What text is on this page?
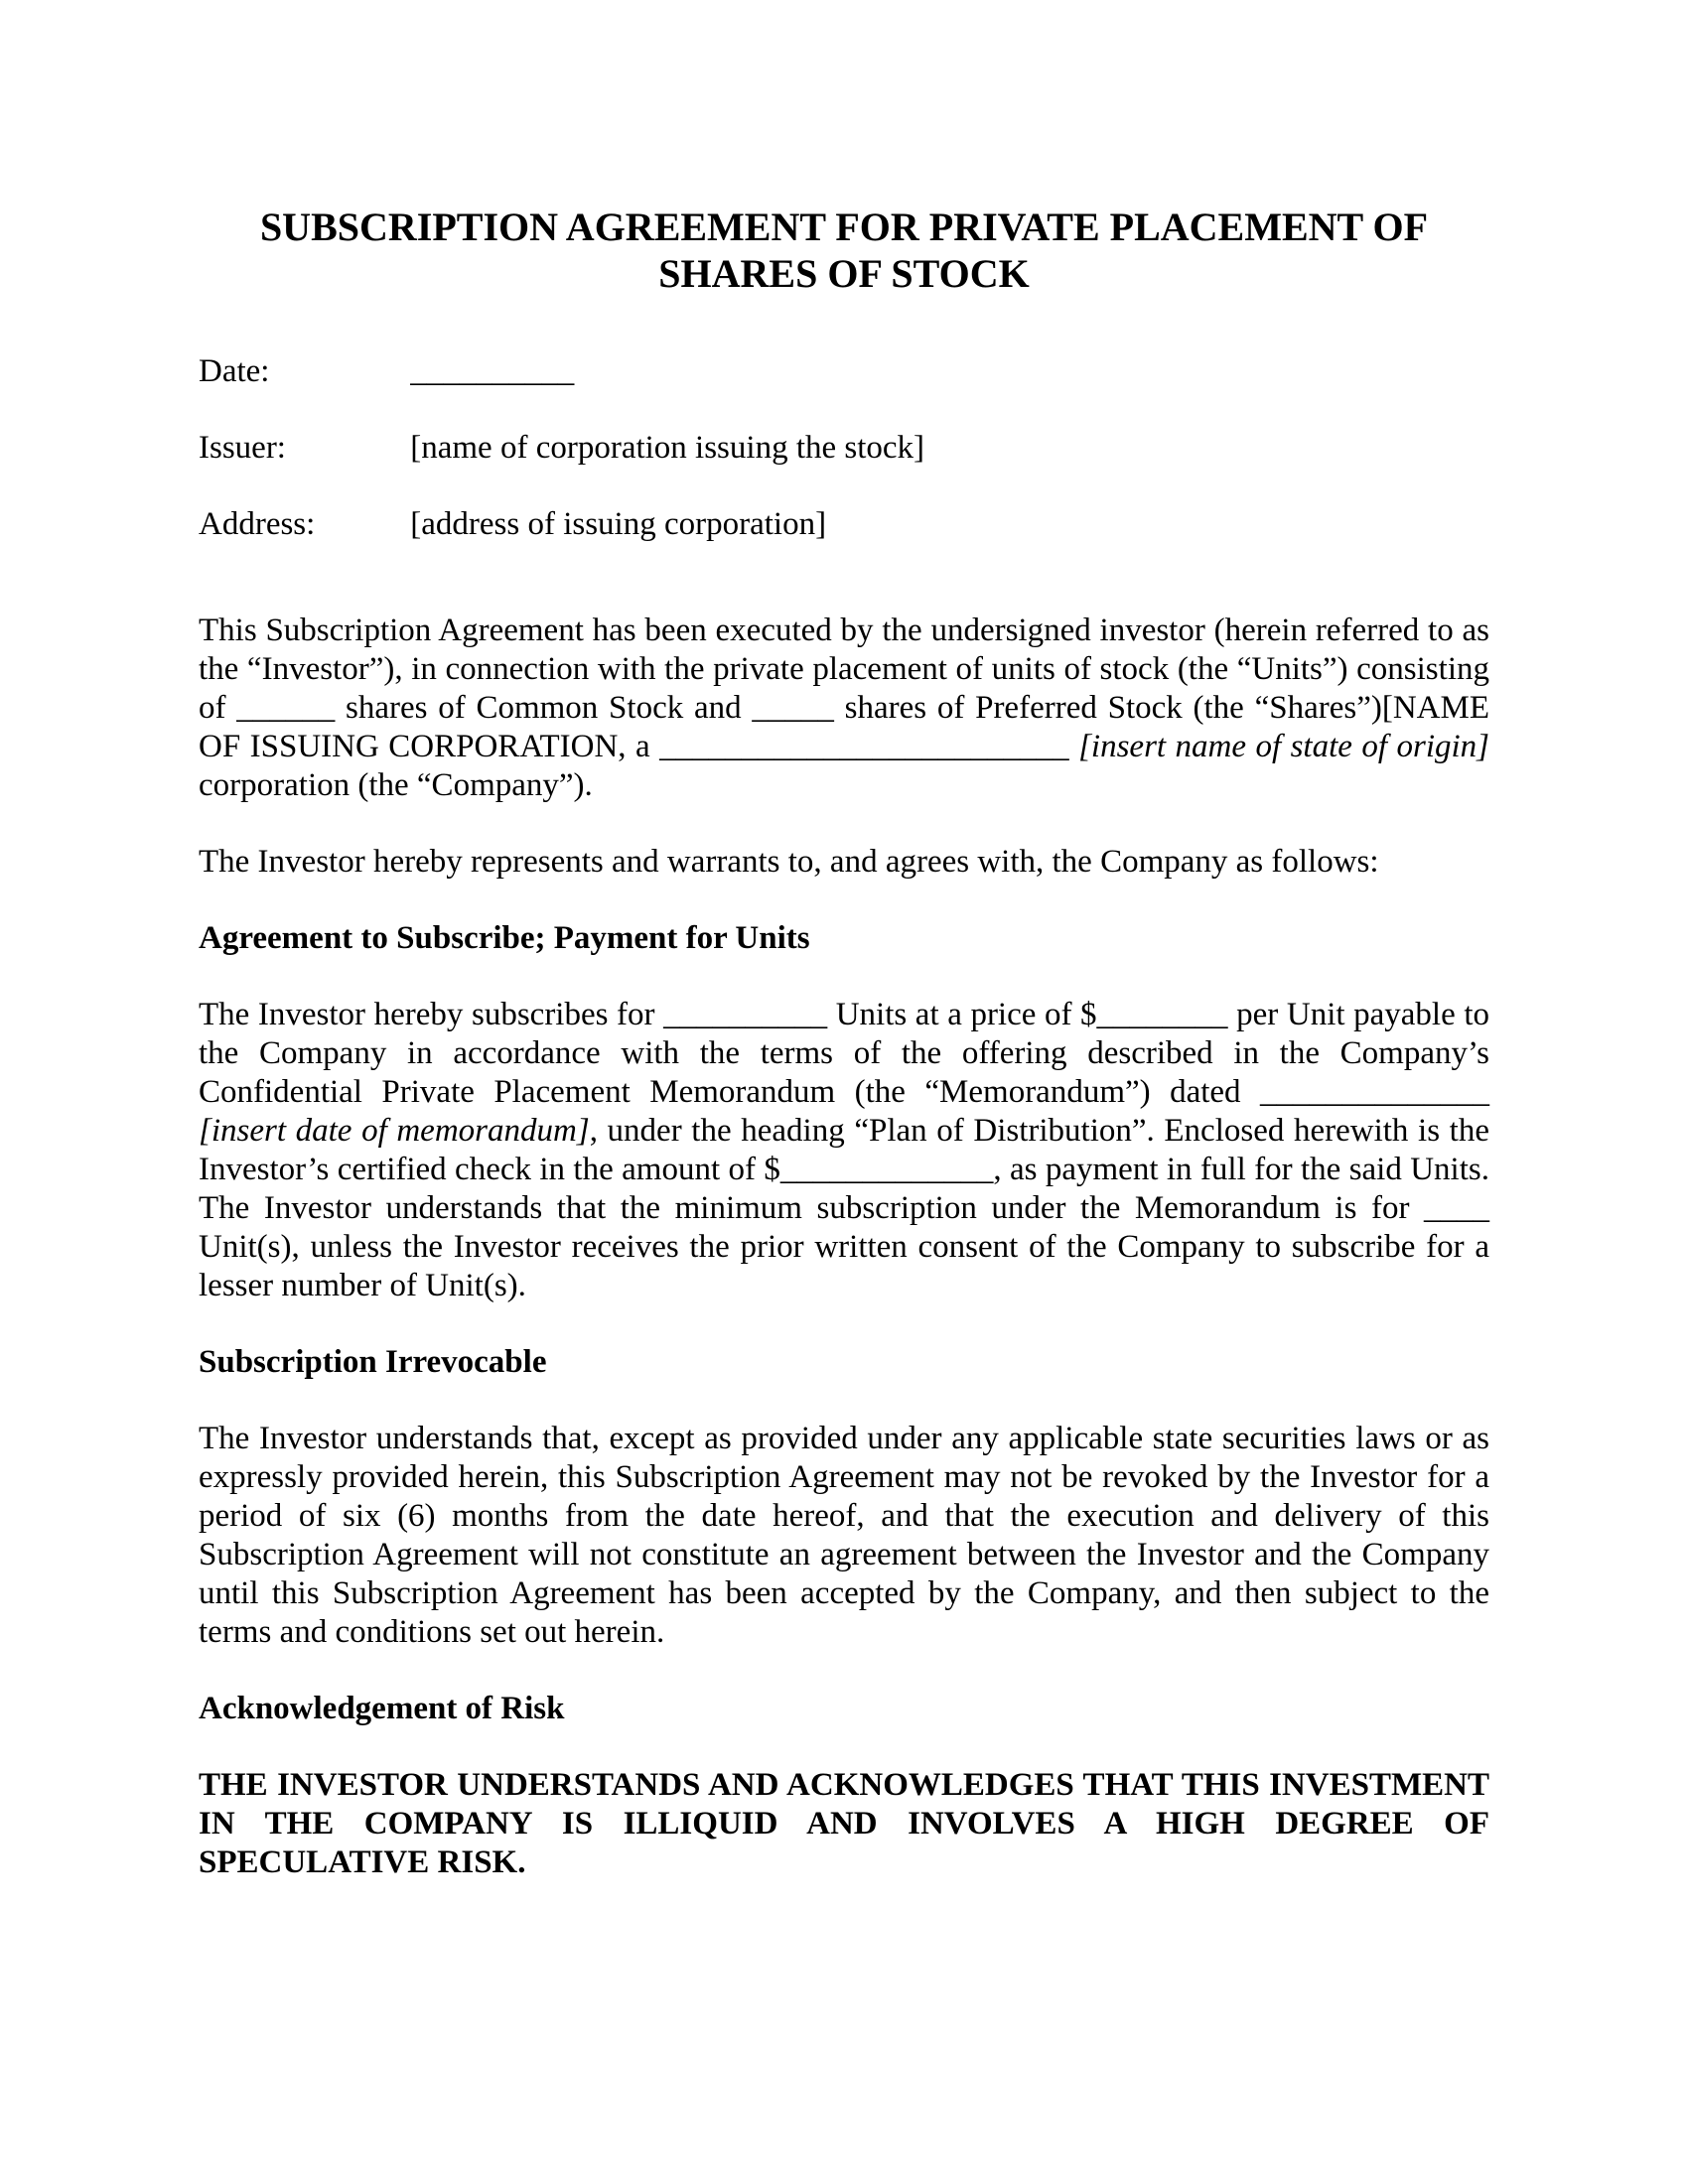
SUBSCRIPTION AGREEMENT FOR PRIVATE PLACEMENT OF
SHARES OF STOCK
Date:	__________
Issuer:	[name of corporation issuing the stock]
Address:	[address of issuing corporation]

This Subscription Agreement has been executed by the undersigned investor (herein referred to as the “Investor”), in connection with the private placement of units of stock (the “Units”) consisting of ______ shares of Common Stock and _____ shares of Preferred Stock (the “Shares”)[NAME OF ISSUING CORPORATION, a _________________________ [insert name of state of origin] corporation (the “Company”).

The Investor hereby represents and warrants to, and agrees with, the Company as follows:

Agreement to Subscribe; Payment for Units

The Investor hereby subscribes for __________ Units at a price of $________ per Unit payable to the Company in accordance with the terms of the offering described in the Company’s Confidential Private Placement Memorandum (the “Memorandum”) dated ______________ [insert date of memorandum], under the heading “Plan of Distribution”. Enclosed herewith is the Investor’s certified check in the amount of $_____________, as payment in full for the said Units. The Investor understands that the minimum subscription under the Memorandum is for ____ Unit(s), unless the Investor receives the prior written consent of the Company to subscribe for a lesser number of Unit(s).

Subscription Irrevocable

The Investor understands that, except as provided under any applicable state securities laws or as expressly provided herein, this Subscription Agreement may not be revoked by the Investor for a period of six (6) months from the date hereof, and that the execution and delivery of this Subscription Agreement will not constitute an agreement between the Investor and the Company until this Subscription Agreement has been accepted by the Company, and then subject to the terms and conditions set out herein.

Acknowledgement of Risk

THE INVESTOR UNDERSTANDS AND ACKNOWLEDGES THAT THIS INVESTMENT IN THE COMPANY IS ILLIQUID AND INVOLVES A HIGH DEGREE OF SPECULATIVE RISK.
